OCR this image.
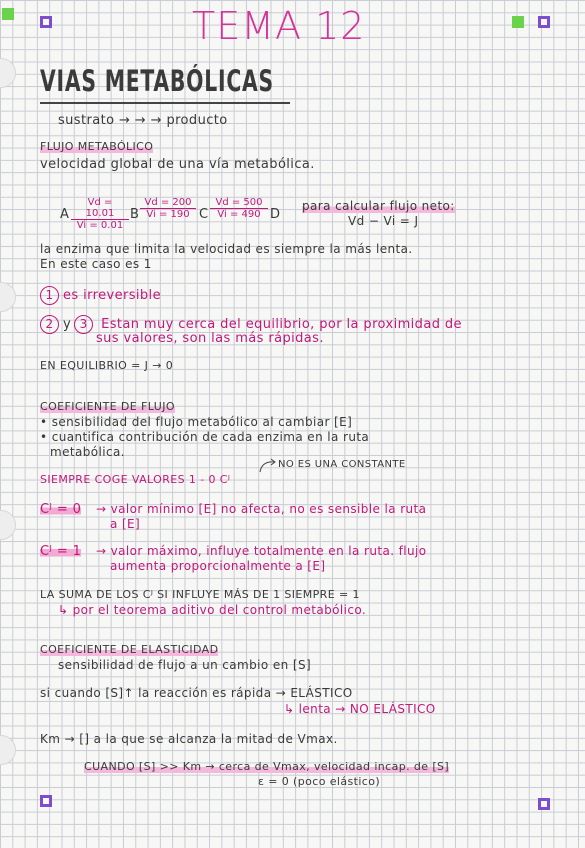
TEMA 12
VIAS METABÓLICAS
sustrato → → → producto
FLUJO METABÓLICO
velocidad global de una vía metabólica.
A $\frac{Vd = 10.01}{Vi = 0.01}$ B $\frac{Vd = 200}{Vi = 190}$ C $\frac{Vd = 500}{Vi = 490}$ D
para calcular flujo neto:
Vd − Vi = J
la enzima que limita la velocidad es siempre la más lenta.
En este caso es 1
1 es irreversible
2 y 3 Estan muy cerca del equilibrio, por la proximidad de
sus valores, son las más rápidas.
EN EQUILIBRIO = J → 0
COEFICIENTE DE FLUJO
• sensibilidad del flujo metabólico al cambiar [E]
• cuantifica contribución de cada enzima en la ruta
metabólica.
NO ES UNA CONSTANTE
SIEMPRE COGE VALORES 1 - 0 Cᴶ
Cᴶ = 0 → valor mínimo [E] no afecta, no es sensible la ruta
a [E]
Cᴶ = 1 → valor máximo, influye totalmente en la ruta. flujo
aumenta proporcionalmente a [E]
LA SUMA DE LOS Cᴶ SI INFLUYE MÁS DE 1 SIEMPRE = 1
↳ por el teorema aditivo del control metabólico.
COEFICIENTE DE ELASTICIDAD
sensibilidad de flujo a un cambio en [S]
si cuando [S]↑ la reacción es rápida → ELÁSTICO
↳ lenta → NO ELÁSTICO
Km → [] a la que se alcanza la mitad de Vmax.
CUANDO [S] >> Km → cerca de Vmax, velocidad incap. de [S]
ε = 0 (poco elástico)
